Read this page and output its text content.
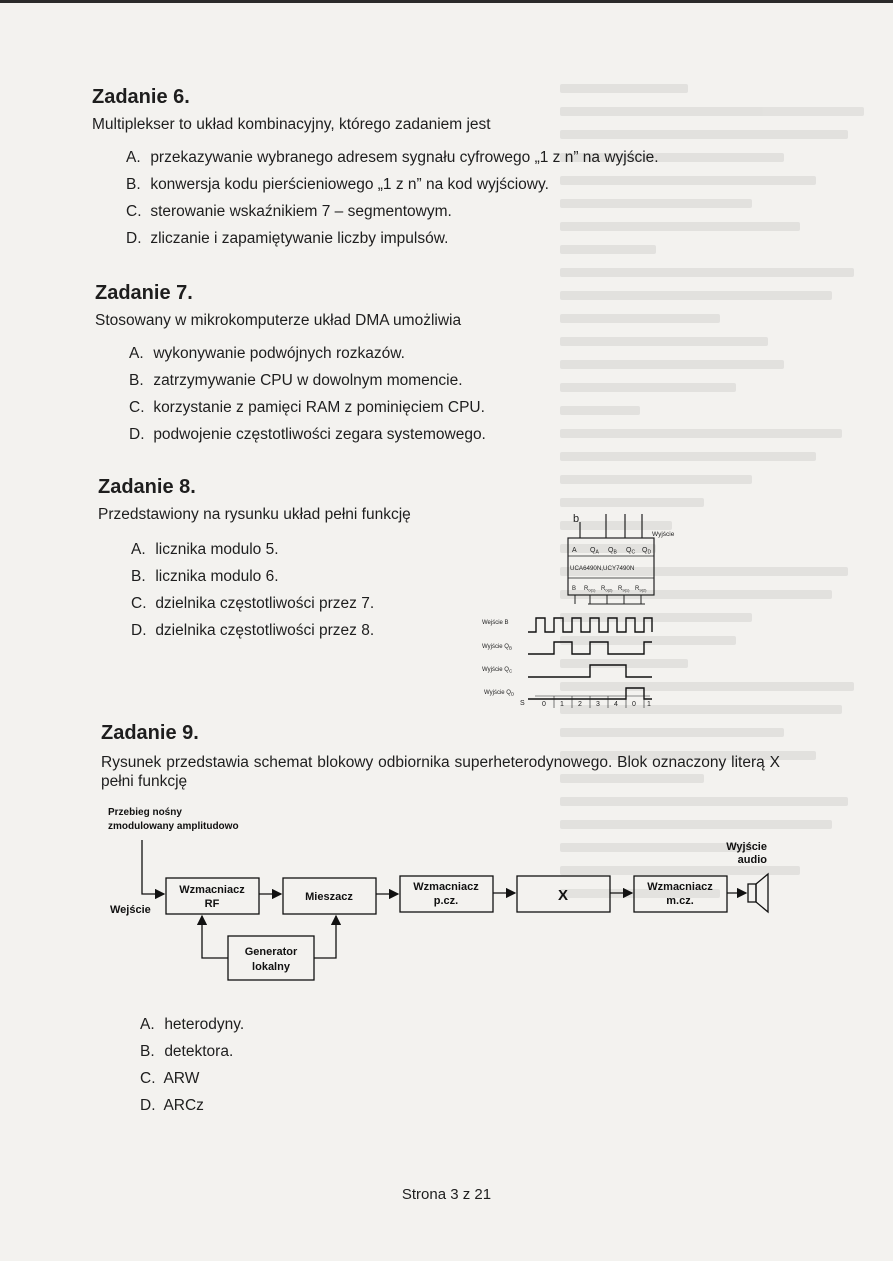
Zadanie 6.

Multiplekser to układ kombinacyjny, którego zadaniem jest

A. przekazywanie wybranego adresem sygnału cyfrowego „1 z n” na wyjście.
B. konwersja kodu pierścieniowego „1 z n” na kod wyjściowy.
C. sterowanie wskaźnikiem 7 – segmentowym.
D. zliczanie i zapamiętywanie liczby impulsów.
Zadanie 7.

Stosowany w mikrokomputerze układ DMA umożliwia

A. wykonywanie podwójnych rozkazów.
B. zatrzymywanie CPU w dowolnym momencie.
C. korzystanie z pamięci RAM z pominięciem CPU.
D. podwojenie częstotliwości zegara systemowego.
Zadanie 8.

Przedstawiony na rysunku układ pełni funkcję

A. licznika modulo 5.
B. licznika modulo 6.
C. dzielnika częstotliwości przez 7.
D. dzielnika częstotliwości przez 8.
b
Wyjście
A $Q_A$ $Q_B$ $Q_C$ $Q_D$
UCA6490N,UCY7490N
B $R_{0(1)}$ $R_{0(2)}$ $R_{9(1)}$ $R_{9(2)}$
Wejście B
Wyjście $Q_B$
Wyjście $Q_C$
Wyjście $Q_D$
S 0 1 2 3 4 0 1
Zadanie 9.

Rysunek przedstawia schemat blokowy odbiornika superheterodynowego. Blok oznaczony literą X pełni funkcję

Przebieg nośny
zmodulowany amplitudowo
Wejście
Wyjście
audio
Wzmacniacz
RF
Mieszacz
Wzmacniacz
p.cz.	X	Wzmacniacz
m.cz.
Generator
lokalny
A. heterodyny.
B. detektora.
C. ARW
D. ARCz
Strona 3 z 21
